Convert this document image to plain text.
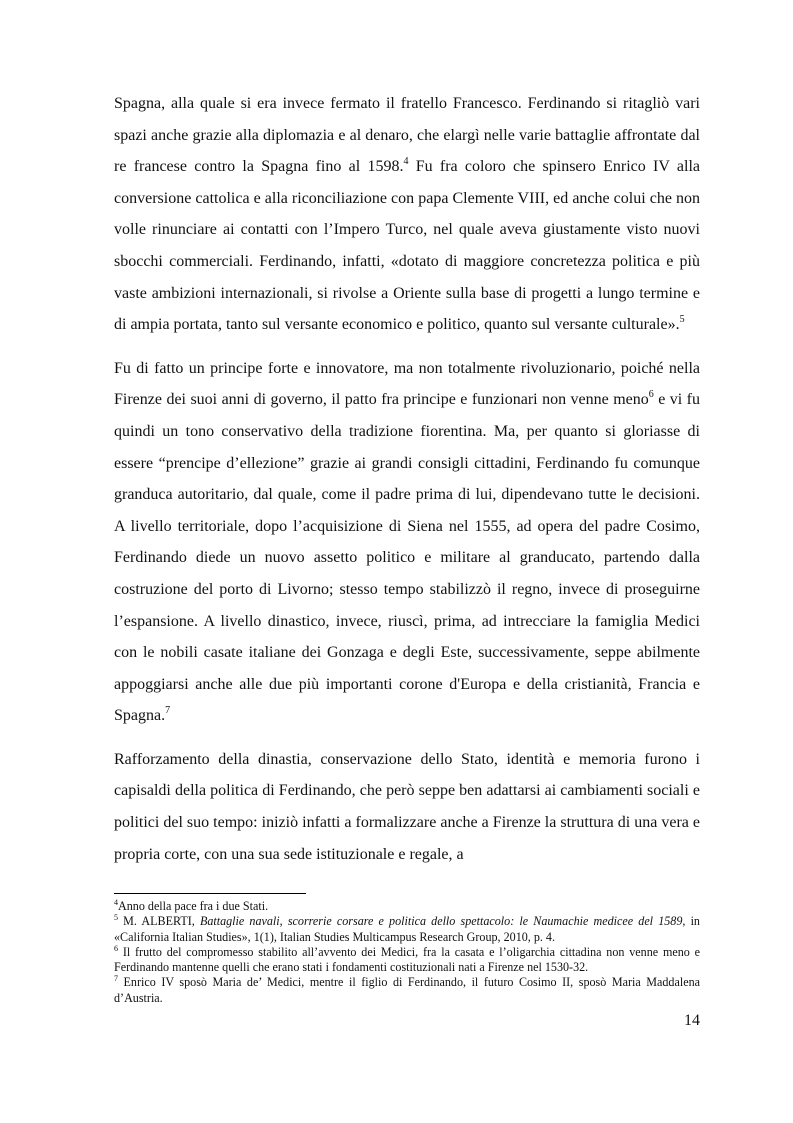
Spagna, alla quale si era invece fermato il fratello Francesco. Ferdinando si ritagliò vari spazi anche grazie alla diplomazia e al denaro, che elargì nelle varie battaglie affrontate dal re francese contro la Spagna fino al 1598.$^4$ Fu fra coloro che spinsero Enrico IV alla conversione cattolica e alla riconciliazione con papa Clemente VIII, ed anche colui che non volle rinunciare ai contatti con l’Impero Turco, nel quale aveva giustamente visto nuovi sbocchi commerciali. Ferdinando, infatti, «dotato di maggiore concretezza politica e più vaste ambizioni internazionali, si rivolse a Oriente sulla base di progetti a lungo termine e di ampia portata, tanto sul versante economico e politico, quanto sul versante culturale».$^5$

Fu di fatto un principe forte e innovatore, ma non totalmente rivoluzionario, poiché nella Firenze dei suoi anni di governo, il patto fra principe e funzionari non venne meno$^6$ e vi fu quindi un tono conservativo della tradizione fiorentina. Ma, per quanto si gloriasse di essere “prencipe d’ellezione” grazie ai grandi consigli cittadini, Ferdinando fu comunque granduca autoritario, dal quale, come il padre prima di lui, dipendevano tutte le decisioni. A livello territoriale, dopo l’acquisizione di Siena nel 1555, ad opera del padre Cosimo, Ferdinando diede un nuovo assetto politico e militare al granducato, partendo dalla costruzione del porto di Livorno; stesso tempo stabilizzò il regno, invece di proseguirne l’espansione. A livello dinastico, invece, riuscì, prima, ad intrecciare la famiglia Medici con le nobili casate italiane dei Gonzaga e degli Este, successivamente, seppe abilmente appoggiarsi anche alle due più importanti corone d'Europa e della cristianità, Francia e Spagna.$^7$

Rafforzamento della dinastia, conservazione dello Stato, identità e memoria furono i capisaldi della politica di Ferdinando, che però seppe ben adattarsi ai cambiamenti sociali e politici del suo tempo: iniziò infatti a formalizzare anche a Firenze la struttura di una vera e propria corte, con una sua sede istituzionale e regale, a

$^4$Anno della pace fra i due Stati.

$^5$ M. ALBERTI, Battaglie navali, scorrerie corsare e politica dello spettacolo: le Naumachie medicee del 1589, in «California Italian Studies», 1(1), Italian Studies Multicampus Research Group, 2010, p. 4.

$^6$ Il frutto del compromesso stabilito all’avvento dei Medici, fra la casata e l’oligarchia cittadina non venne meno e Ferdinando mantenne quelli che erano stati i fondamenti costituzionali nati a Firenze nel 1530-32.

$^7$ Enrico IV sposò Maria de’ Medici, mentre il figlio di Ferdinando, il futuro Cosimo II, sposò Maria Maddalena d’Austria.

14
